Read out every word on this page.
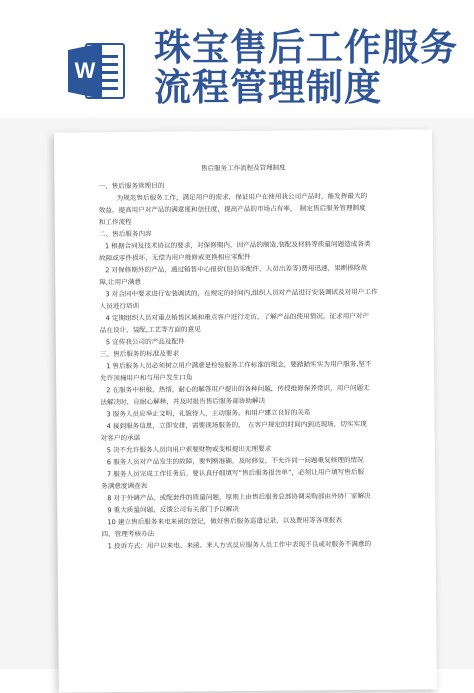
W
珠宝售后工作服务
流程管理制度
售后服务工作流程及管理制度
一、售后服务管理目的
为规范售后服务工作，满足用户的需求，保证用户在使用我公司产品时，能发挥最大的
效益，提高用户对产品的满意度和信任度，提高产品的市场占有率，　制定售后服务管理制度
和工作流程
二、售后服务内容
1 根据合同及技术协议的要求，对保修期内，因产品的制造,装配及材料等质量问题造成各类
故障或零件损坏，无偿为用户维修或更换相应零配件
2 对保修期外的产品，通过销售中心报价(包括零配件，人员出差等)费用迅速，果断排除故
障,让用户满意
3 对合同中要求进行安装调试的，在规定的时间内,组织人员对产品进行安装调试及对用户工作
人员进行培训
4 定期组织人员对重点销售区域和重点客户进行走访，了解产品的使用情况，征求用户对产
品在设计，装配,工艺等方面的意见
5 宣传我公司的产品及配件
三、售后服务的标准及要求
1 售后服务人员必须树立用户满意是检验服务工作标准的理念，要踏踏实实为用户服务,坚不
允许顶撞用户和与用户发生口角
2 在服务中积极，热情，耐心的解答用户提出的各种问题，传授维修保养常识，用户问题无
法解决时，应耐心解释，并及时报告售后服务部协助解决
3 服务人员应举止文明，礼貌待人，主动服务，和用户建立良好的关系
4 接到服务信息，立即安排，需要现场服务的，　在客户规定的时间内到达现场，切实实现
对客户的承诺
5 决不允许服务人员向用户索要财物或变相提出无理要求
6 服务人员对产品发生的故障，要判断准确，及时修复，不允许同一问题重复修理的情况
7 服务人员完成工作任务后，要认真仔细填写“售后服务报告单”，必须让用户填写售后服
务满意度调查表
8 对于外调产品，或配套件的质量问题，原则上由售后服务总部协调采购部由外协厂家解决
9 重大质量问题，反馈公司有关部门予以解决
10 建立售后服务来电来函的登记，做好售后服务巡遣记录，以及费用等各项报表
四、管理考核办法
1 投诉方式：用户以来电、来函、来人方式反应服务人员工作中表现不良或对服务不满意的
